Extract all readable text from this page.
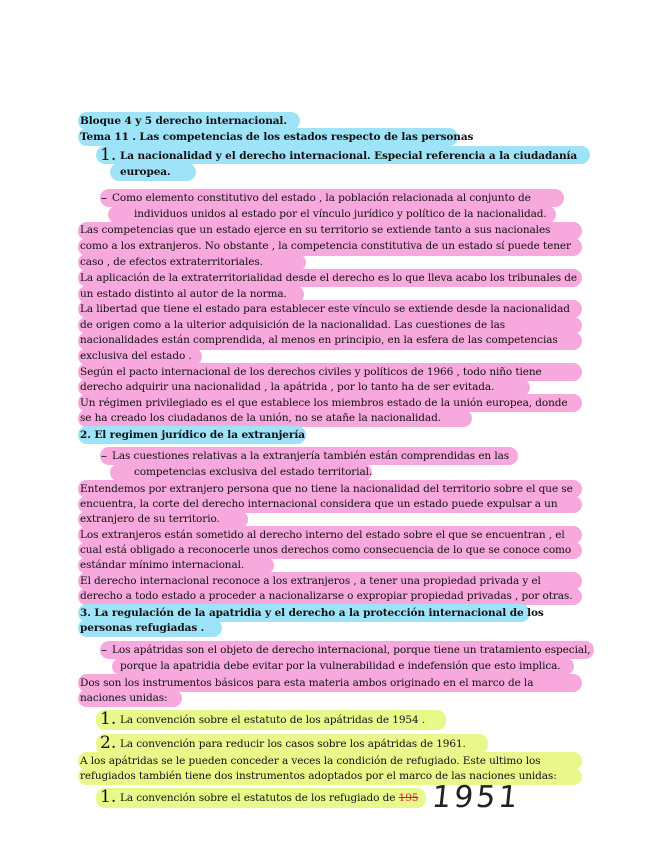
Bloque 4 y 5 derecho internacional.
Tema 11 . Las competencias de los estados respecto de las personas
1. La nacionalidad y el derecho internacional. Especial referencia a la ciudadanía
europea.
– Como elemento constitutivo del estado , la población relacionada al conjunto de
individuos unidos al estado por el vínculo jurídico y político de la nacionalidad.
Las competencias que un estado ejerce en su territorio se extiende tanto a sus nacionales
como a los extranjeros. No obstante , la competencia constitutiva de un estado sí puede tener
caso , de efectos extraterritoriales.
La aplicación de la extraterritorialidad desde el derecho es lo que lleva acabo los tribunales de
un estado distinto al autor de la norma.
La libertad que tiene el estado para establecer este vínculo se extiende desde la nacionalidad
de origen como a la ulterior adquisición de la nacionalidad. Las cuestiones de las
nacionalidades están comprendida, al menos en principio, en la esfera de las competencias
exclusiva del estado .
Según el pacto internacional de los derechos civiles y políticos de 1966 , todo niño tiene
derecho adquirir una nacionalidad , la apátrida , por lo tanto ha de ser evitada.
Un régimen privilegiado es el que establece los miembros estado de la unión europea, donde
se ha creado los ciudadanos de la unión, no se atañe la nacionalidad.
2. El regimen jurídico de la extranjería
– Las cuestiones relativas a la extranjería también están comprendidas en las
competencias exclusiva del estado territorial.
Entendemos por extranjero persona que no tiene la nacionalidad del territorio sobre el que se
encuentra, la corte del derecho internacional considera que un estado puede expulsar a un
extranjero de su territorio.
Los extranjeros están sometido al derecho interno del estado sobre el que se encuentran , el
cual está obligado a reconocerle unos derechos como consecuencia de lo que se conoce como
estándar mínimo internacional.
El derecho internacional reconoce a los extranjeros , a tener una propiedad privada y el
derecho a todo estado a proceder a nacionalizarse o expropiar propiedad privadas , por otras.
3. La regulación de la apatridia y el derecho a la protección internacional de los
personas refugiadas .
– Los apátridas son el objeto de derecho internacional, porque tiene un tratamiento especial,
porque la apatridia debe evitar por la vulnerabilidad e indefensión que esto implica.
Dos son los instrumentos básicos para esta materia ambos originado en el marco de la
naciones unidas:
1. La convención sobre el estatuto de los apátridas de 1954 .
2. La convención para reducir los casos sobre los apátridas de 1961.
A los apátridas se le pueden conceder a veces la condición de refugiado. Este ultimo los
refugiados también tiene dos instrumentos adoptados por el marco de las naciones unidas:
1. La convención sobre el estatutos de los refugiado de 195 1951
